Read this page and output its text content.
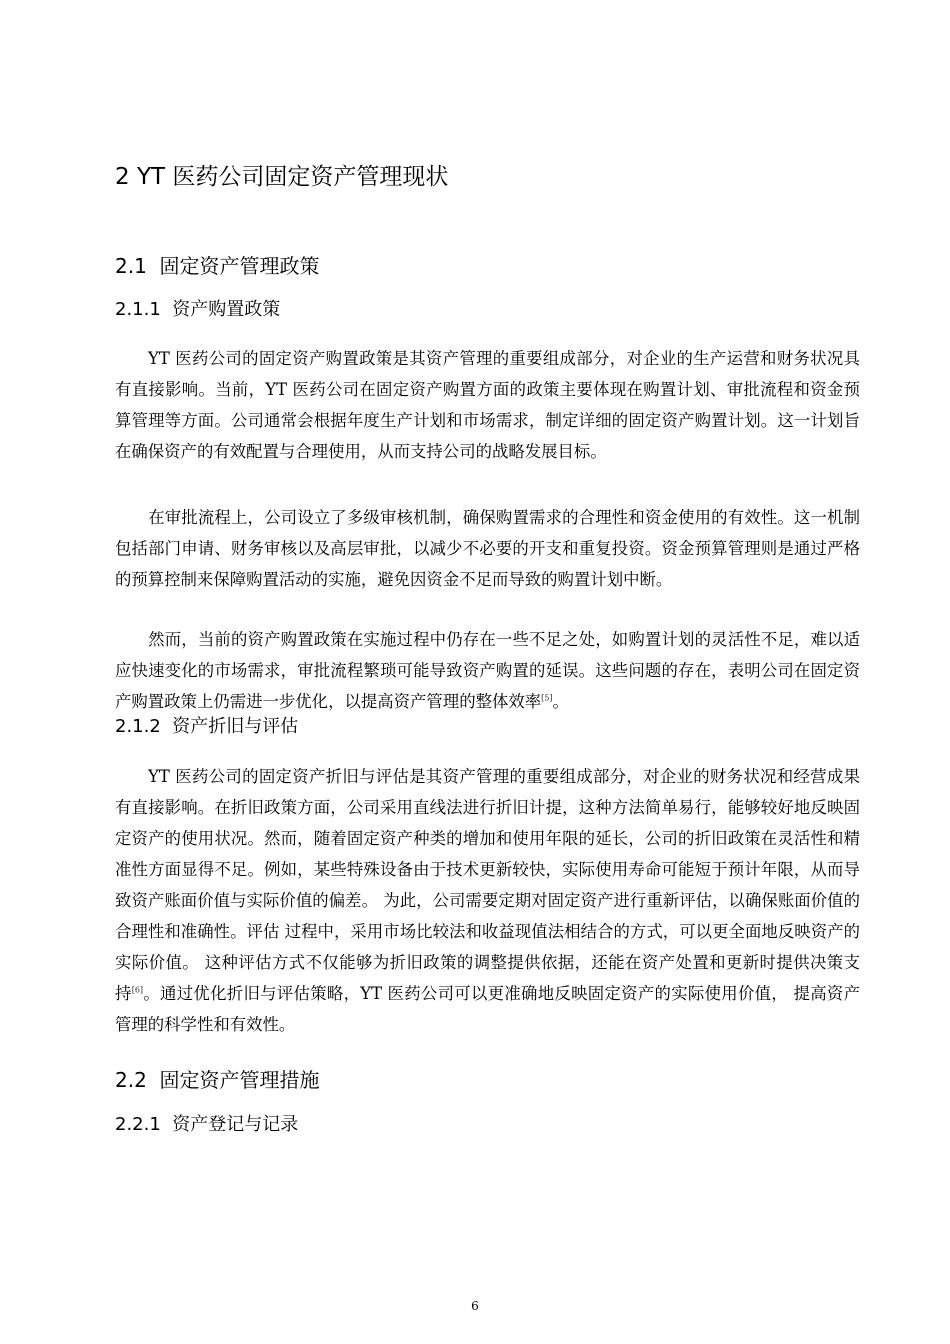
2 YT 医药公司固定资产管理现状
2.1 固定资产管理政策
2.1.1 资产购置政策
YT 医药公司的固定资产购置政策是其资产管理的重要组成部分，对企业的生产运营和财务状况具有直接影响。当前，YT 医药公司在固定资产购置方面的政策主要体现在购置计划、审批流程和资金预算管理等方面。公司通常会根据年度生产计划和市场需求，制定详细的固定资产购置计划。这一计划旨在确保资产的有效配置与合理使用，从而支持公司的战略发展目标。
在审批流程上，公司设立了多级审核机制，确保购置需求的合理性和资金使用的有效性。这一机制包括部门申请、财务审核以及高层审批，以减少不必要的开支和重复投资。资金预算管理则是通过严格的预算控制来保障购置活动的实施，避免因资金不足而导致的购置计划中断。
然而，当前的资产购置政策在实施过程中仍存在一些不足之处，如购置计划的灵活性不足，难以适应快速变化的市场需求，审批流程繁琐可能导致资产购置的延误。这些问题的存在，表明公司在固定资产购置政策上仍需进一步优化，以提高资产管理的整体效率[5]。
2.1.2 资产折旧与评估
YT 医药公司的固定资产折旧与评估是其资产管理的重要组成部分，对企业的财务状况和经营成果有直接影响。在折旧政策方面，公司采用直线法进行折旧计提，这种方法简单易行，能够较好地反映固定资产的使用状况。然而，随着固定资产种类的增加和使用年限的延长，公司的折旧政策在灵活性和精准性方面显得不足。例如，某些特殊设备由于技术更新较快，实际使用寿命可能短于预计年限，从而导致资产账面价值与实际价值的偏差。 为此，公司需要定期对固定资产进行重新评估，以确保账面价值的合理性和准确性。评估 过程中，采用市场比较法和收益现值法相结合的方式，可以更全面地反映资产的实际价值。 这种评估方式不仅能够为折旧政策的调整提供依据，还能在资产处置和更新时提供决策支 持[6]。通过优化折旧与评估策略，YT 医药公司可以更准确地反映固定资产的实际使用价值， 提高资产管理的科学性和有效性。
2.2 固定资产管理措施
2.2.1 资产登记与记录
6
